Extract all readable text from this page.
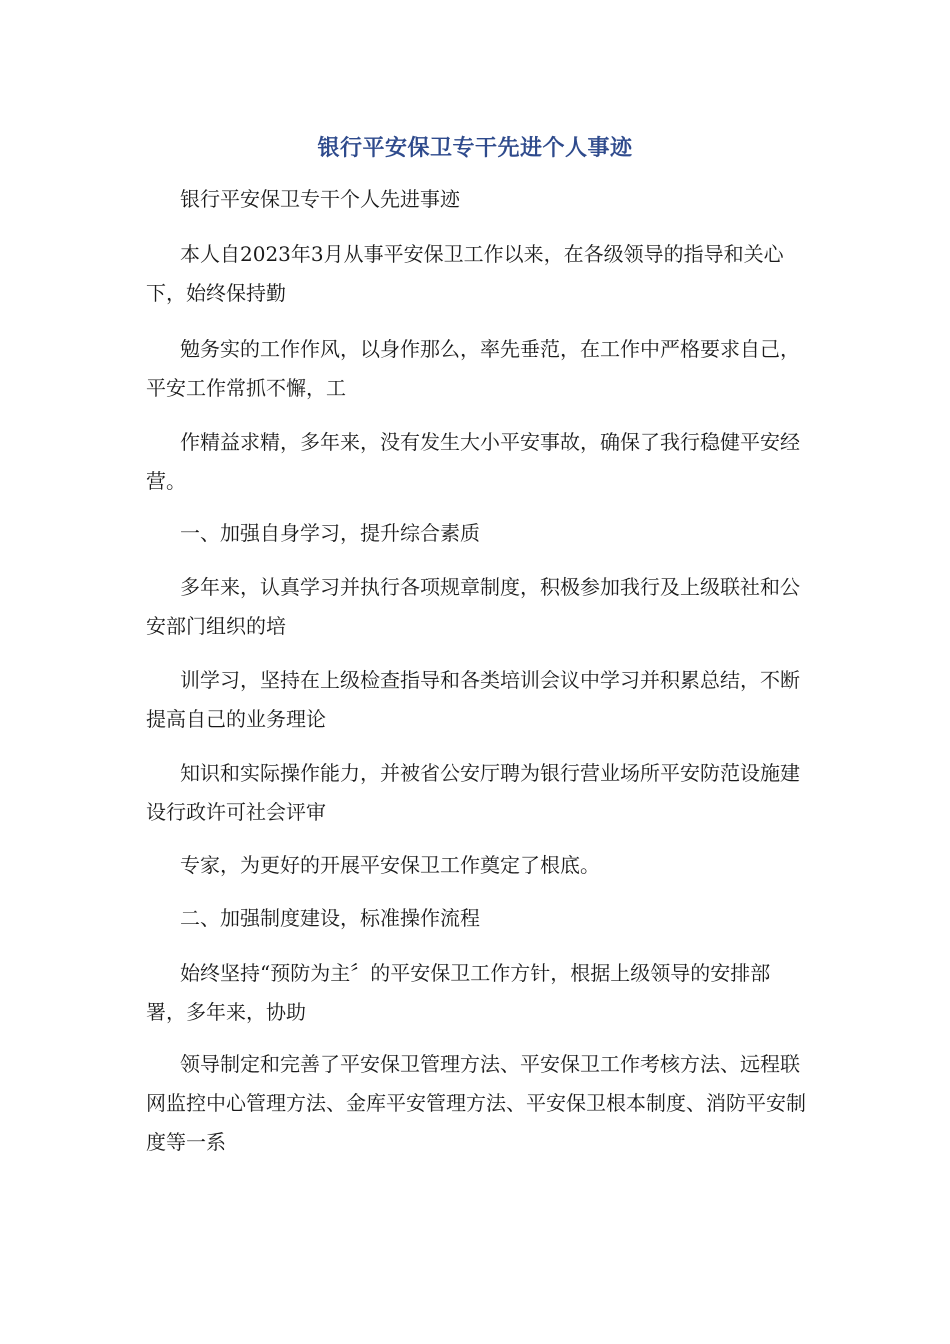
银行平安保卫专干先进个人事迹

银行平安保卫专干个人先进事迹

本人自2023年3月从事平安保卫工作以来，在各级领导的指导和关心下，始终保持勤

勉务实的工作作风，以身作那么，率先垂范，在工作中严格要求自己，平安工作常抓不懈，工

作精益求精，多年来，没有发生大小平安事故，确保了我行稳健平安经营。

一、加强自身学习，提升综合素质

多年来，认真学习并执行各项规章制度，积极参加我行及上级联社和公安部门组织的培

训学习，坚持在上级检查指导和各类培训会议中学习并积累总结，不断提高自己的业务理论

知识和实际操作能力，并被省公安厅聘为银行营业场所平安防范设施建设行政许可社会评审

专家，为更好的开展平安保卫工作奠定了根底。

二、加强制度建设，标准操作流程

始终坚持“预防为主〞的平安保卫工作方针，根据上级领导的安排部署，多年来，协助

领导制定和完善了平安保卫管理方法、平安保卫工作考核方法、远程联网监控中心管理方法、金库平安管理方法、平安保卫根本制度、消防平安制度等一系
